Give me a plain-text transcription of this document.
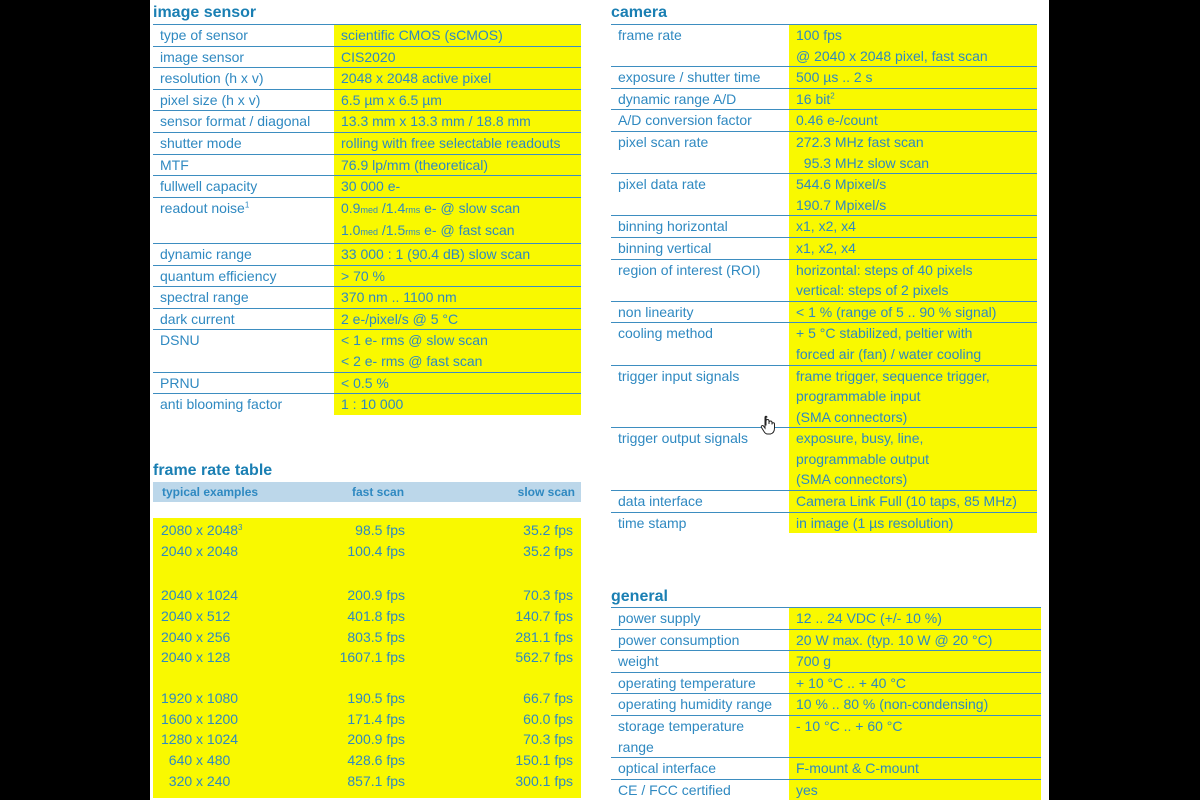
image sensor	camera
frame rate table
general
type of sensor	scientific CMOS (sCMOS)
image sensor	CIS2020
resolution (h x v)	2048 x 2048 active pixel
pixel size (h x v)	6.5 µm x 6.5 µm
sensor format / diagonal	13.3 mm x 13.3 mm / 18.8 mm
shutter mode	rolling with free selectable readouts
MTF	76.9 lp/mm (theoretical)
fullwell capacity	30 000 e-
readout noise$^1$	0.9med /1.4rms e- @ slow scan
	1.0med /1.5rms e- @ fast scan
dynamic range	33 000 : 1 (90.4 dB) slow scan
quantum efficiency	> 70 %
spectral range	370 nm .. 1100 nm
dark current	2 e-/pixel/s @ 5 °C
DSNU	< 1 e- rms @ slow scan
	< 2 e- rms @ fast scan
PRNU	< 0.5 %
anti blooming factor	1 : 10 000
frame rate	100 fps
	@ 2040 x 2048 pixel, fast scan
exposure / shutter time	500 µs .. 2 s
dynamic range A/D	16 bit$^2$
A/D conversion factor	0.46 e-/count
pixel scan rate	272.3 MHz fast scan
	95.3 MHz slow scan
pixel data rate	544.6 Mpixel/s
	190.7 Mpixel/s
binning horizontal	x1, x2, x4
binning vertical	x1, x2, x4
region of interest (ROI)	horizontal: steps of 40 pixels
	vertical: steps of 2 pixels
non linearity	< 1 % (range of 5 .. 90 % signal)
cooling method	+ 5 °C stabilized, peltier with
	forced air (fan) / water cooling
trigger input signals	frame trigger, sequence trigger,
	programmable input
	(SMA connectors)
trigger output signals	exposure, busy, line,
	programmable output
	(SMA connectors)
data interface	Camera Link Full (10 taps, 85 MHz)
time stamp	in image (1 µs resolution)
power supply	12 .. 24 VDC (+/- 10 %)
power consumption	20 W max. (typ. 10 W @ 20 °C)
weight	700 g
operating temperature	+ 10 °C .. + 40 °C
operating humidity range	10 % .. 80 % (non-condensing)
storage temperature	- 10 °C .. + 60 °C
range	
optical interface	F-mount & C-mount
CE / FCC certified	yes
typical examples	fast scan	slow scan
2080 x 2048 3	98.5 fps	35.2 fps
2040 x 2048	100.4 fps	35.2 fps
2040 x 1024	200.9 fps	70.3 fps
2040 x 512	401.8 fps	140.7 fps
2040 x 256	803.5 fps	281.1 fps
2040 x 128	1607.1 fps	562.7 fps
1920 x 1080	190.5 fps	66.7 fps
1600 x 1200	171.4 fps	60.0 fps
1280 x 1024	200.9 fps	70.3 fps
640 x 480	428.6 fps	150.1 fps
320 x 240	857.1 fps	300.1 fps
